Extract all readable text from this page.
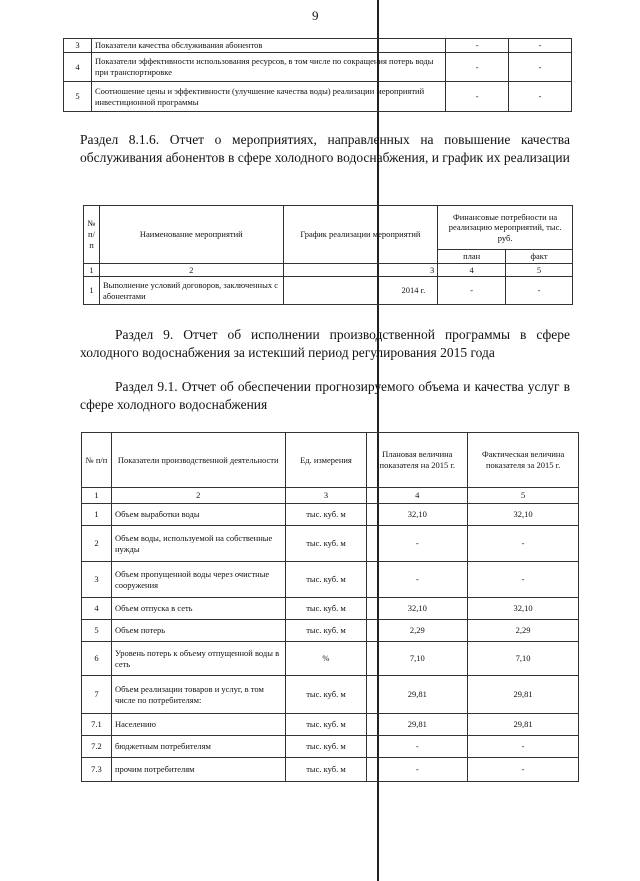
9
3	Показатели качества обслуживания абонентов	-	-
4	Показатели эффективности использования ресурсов, в том числе по сокращения потерь воды при транспортировке	-	-
5	Соотношение цены и эффективности (улучшение качества воды) реализации мероприятий инвестиционной программы	-	-
Раздел 8.1.6. Отчет о мероприятиях, направленных на повышение качества обслуживания абонентов в сфере холодного водоснабжения, и график их реализации
№ п/п	Наименование мероприятий	График реализации мероприятий	Финансовые потребности на реализацию мероприятий, тыс. руб.	
			план	факт
1	2	3	4	5
1	Выполнение условий договоров, заключенных с абонентами	2014 г.	-	-
Раздел 9. Отчет об исполнении производственной программы в сфере холодного водоснабжения за истекший период регулирования 2015 года
Раздел 9.1. Отчет об обеспечении прогнозируемого объема и качества услуг в сфере холодного водоснабжения
№ п/п	Показатели производственной деятельности	Ед. измерения	Плановая величина показателя на 2015 г.	Фактическая величина показателя за 2015 г.
1	2	3	4	5
1	Объем выработки воды	тыс. куб. м	32,10	32,10
2	Объем воды, используемой на собственные нужды	тыс. куб. м	-	-
3	Объем пропущенной воды через очистные сооружения	тыс. куб. м	-	-
4	Объем отпуска в сеть	тыс. куб. м	32,10	32,10
5	Объем потерь	тыс. куб. м	2,29	2,29
6	Уровень потерь к объему отпущенной воды в сеть	%	7,10	7,10
7	Объем реализации товаров и услуг, в том числе по потребителям:	тыс. куб. м	29,81	29,81
7.1	Населению	тыс. куб. м	29,81	29,81
7.2	бюджетным потребителям	тыс. куб. м	-	-
7.3	прочим потребителям	тыс. куб. м	-	-
